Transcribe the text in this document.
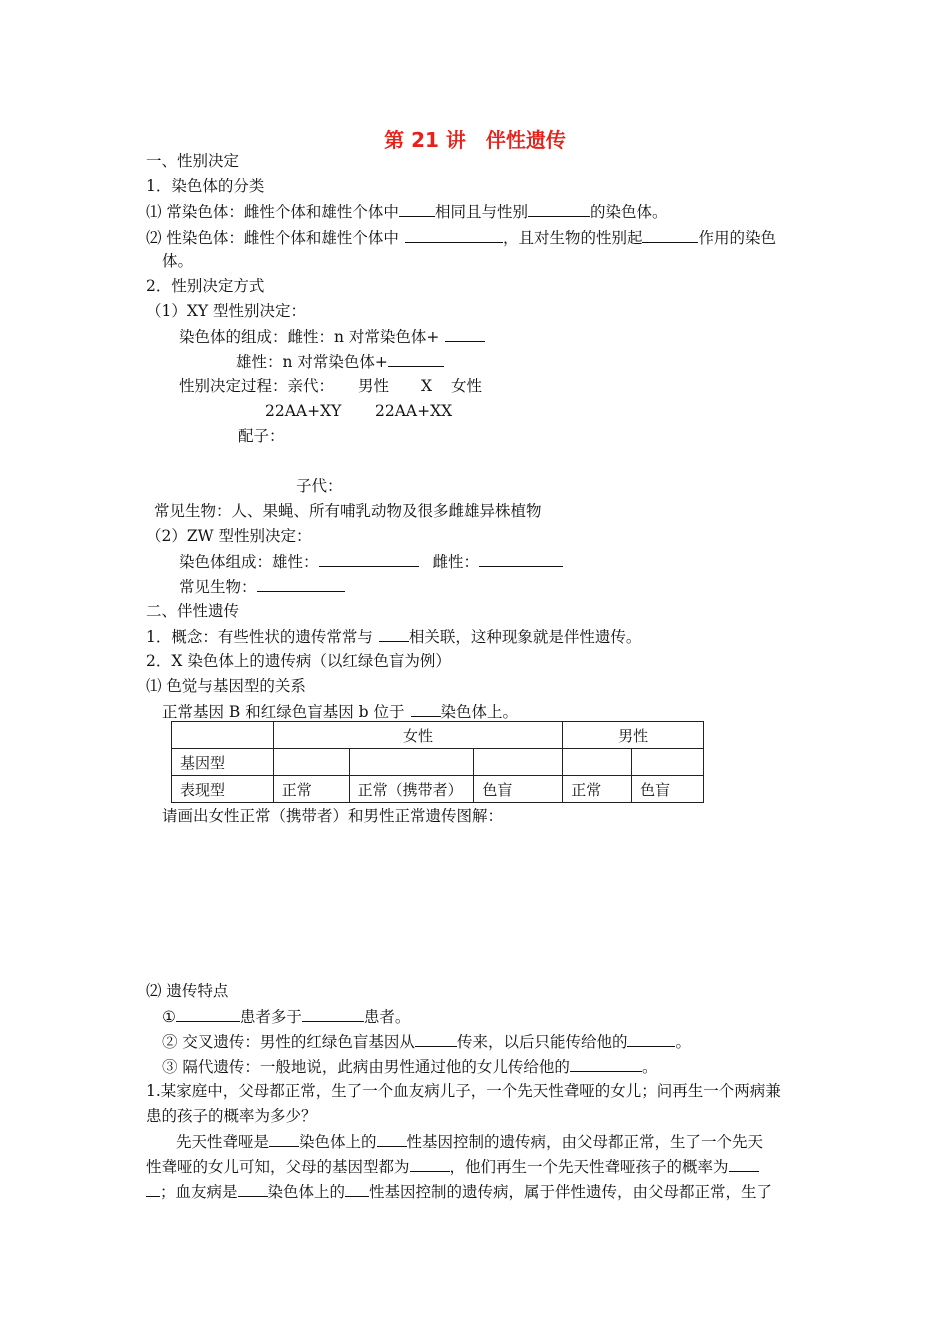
第 21 讲　伴性遗传
一、性别决定
1．染色体的分类
⑴ 常染色体：雌性个体和雄性个体中 相同且与性别	的染色体。
⑵ 性染色体：雌性个体和雄性个体中	，且对生物的性别起	作用的染色
体。
2．性别决定方式
（1）XY 型性别决定：
染色体的组成：雌性：n 对常染色体+
雄性：n 对常染色体+
性别决定过程：亲代： 男性 X 女性
22AA+XY 22AA+XX
配子：
子代：
常见生物：人、果蝇、所有哺乳动物及很多雌雄异株植物
（2）ZW 型性别决定：
染色体组成：雄性：	雌性：
常见生物：
二、伴性遗传
1．概念：有些性状的遗传常常与 相关联，这种现象就是伴性遗传。
2．X 染色体上的遗传病（以红绿色盲为例）
⑴ 色觉与基因型的关系
正常基因 B 和红绿色盲基因 b 位于 染色体上。
	女性			男性	
基因型					
表现型	正常	正常（携带者）	色盲	正常	色盲
请画出女性正常（携带者）和男性正常遗传图解：
⑵ 遗传特点
①	患者多于	患者。
② 交叉遗传：男性的红绿色盲基因从	传来，以后只能传给他的	。
③ 隔代遗传：一般地说，此病由男性通过他的女儿传给他的	。
1.某家庭中，父母都正常，生了一个血友病儿子，一个先天性聋哑的女儿；问再生一个两病兼
患的孩子的概率为多少？
先天性聋哑是 染色体上的 性基因控制的遗传病，由父母都正常，生了一个先天
性聋哑的女儿可知，父母的基因型都为	，他们再生一个先天性聋哑孩子的概率为
；血友病是 染色体上的 性基因控制的遗传病，属于伴性遗传，由父母都正常，生了
